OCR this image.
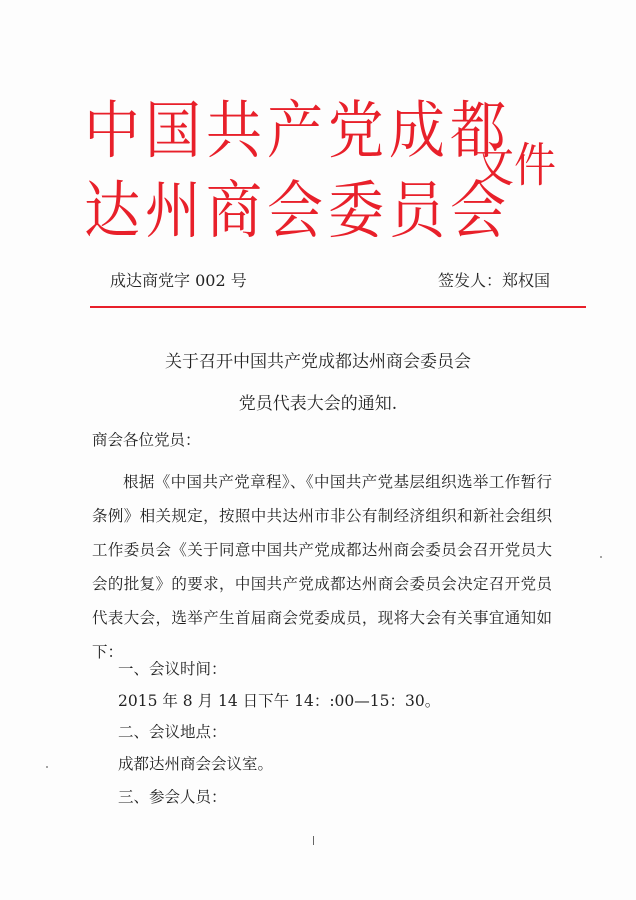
中国共产党成都
达州商会委员会
文件
成达商党字 002 号	签发人：郑权国
关于召开中国共产党成都达州商会委员会
党员代表大会的通知.
商会各位党员：
根据《中国共产党章程》、《中国共产党基层组织选举工作暂行条例》相关规定，按照中共达州市非公有制经济组织和新社会组织工作委员会《关于同意中国共产党成都达州商会委员会召开党员大会的批复》的要求，中国共产党成都达州商会委员会决定召开党员代表大会，选举产生首届商会党委成员，现将大会有关事宜通知如下：
一、会议时间：
2015 年 8 月 14 日下午 14：:00—15：30。
二、会议地点：
成都达州商会会议室。
三、参会人员：
